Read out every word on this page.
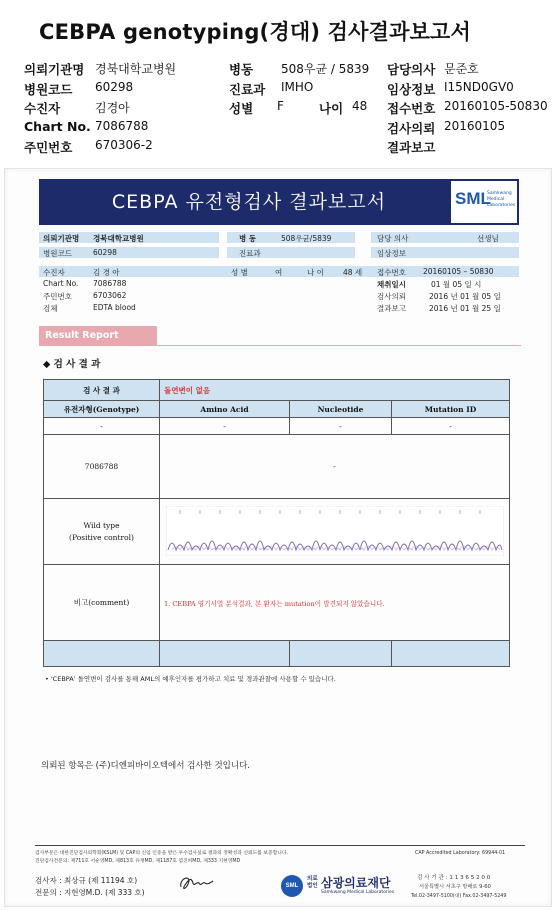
CEBPA genotyping(경대) 검사결과보고서
의뢰기관명 경북대학교병원	병동 508우균 / 5839 담당의사 문준호
병원코드 60298	진료과 IMHO	임상정보 I15ND0GV0
수진자	김경아	성별 F	나이 48 접수번호 20160105-50830
Chart No. 7086788	검사의뢰 20160105
주민번호 670306-2	결과보고
CEBPA 유전형검사 결과보고서	SML
Samkwang Medical Laboratories
의뢰기관명 경북대학교병원	병 동	508우균/5839	담당 의사	선생님
병원코드	60298	진료과	임상정보
수진자	김 경 아	성 별	여	나 이	48 세 접수번호 20160105 – 50830
Chart No. 7086788	채취일시	01 월 05 일 시
주민번호	6703062	검사의뢰	2016 년 01 월 05 일
검체	EDTA blood	결과보고	2016 년 01 월 25 일
Result Report
◆ 검 사 결 과
검 사 결 과	돌연변이 없음		
유전자형(Genotype)	Amino Acid	Nucleotide	Mutation ID
-	-	-	-
7086788	-		

Wild type
(Positive control)

비고(comment)	1. CEBPA 염기서열 분석결과, 본 환자는 mutation이 발견되지 않았습니다.		

• 'CEBPA' 돌연변이 검사를 통해 AML의 예후인자를 평가하고 치료 및 경과관찰에 사용할 수 있습니다.
의뢰된 항목은 (주)디엔피바이오텍에서 검사한 것입니다.
검사부문은 대한진단검사의학회(KSLM) 및 CAP의 신임 인증을 받은 우수검사실로 결과의 정확성과 신뢰도를 보증합니다.
진단검사전문의: 제711호 서순영MD, 제813호 유재MD, 제1187호 염진희MD, 제333 지현영MD
CAP Accredited Laboratory: 69944-01
검사자 : 최상규 (제 11194 호)
전문의 : 지현영M.D. (제 333 호)
SML
의료
법인 삼광의료재단
Samkwang Medical Laboratories
검 사 기 관 : 1 1 3 6 5 2 0 0
서울특별시 서초구 방배로 9-60
Tel.02-3497-5100(대) Fax.02-3497-5249
